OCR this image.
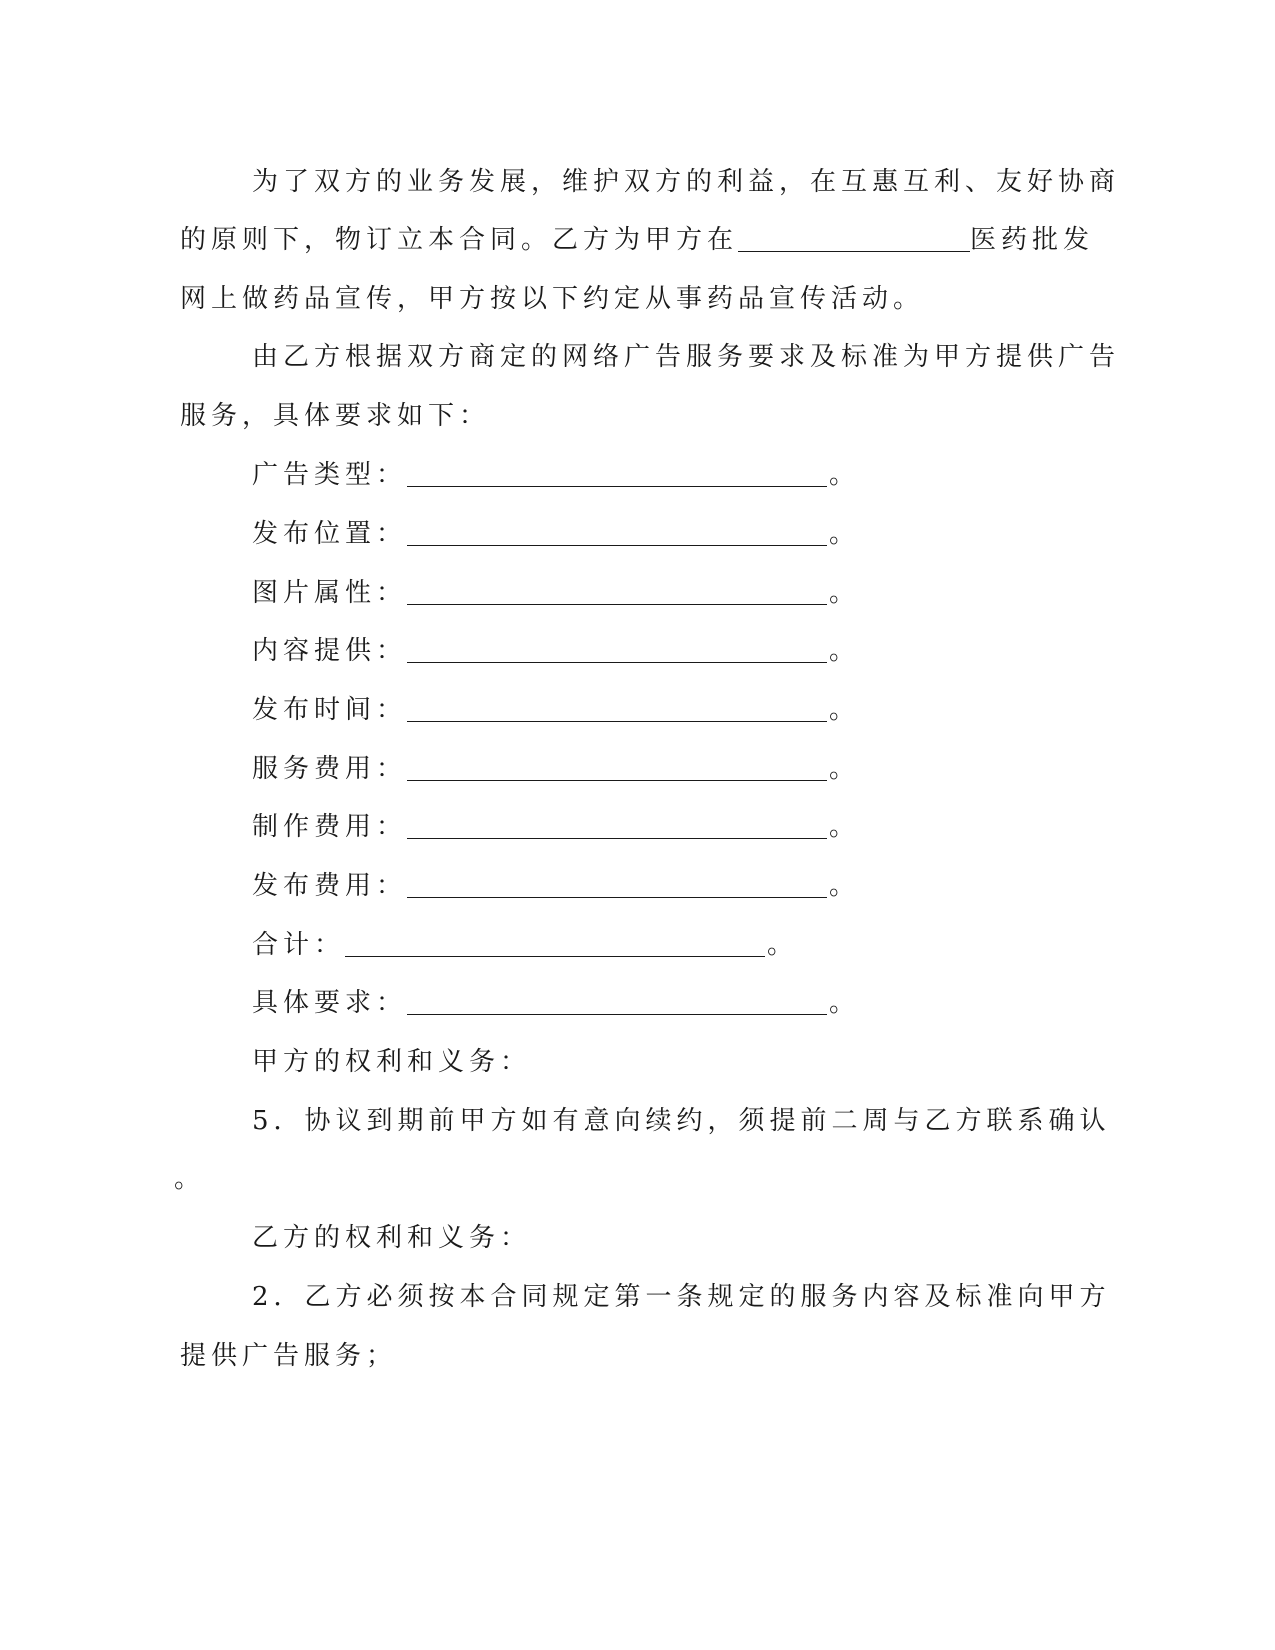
为了双方的业务发展，维护双方的利益，在互惠互利、友好协商
的原则下，物订立本合同。乙方为甲方在	医药批发
网上做药品宣传，甲方按以下约定从事药品宣传活动。
由乙方根据双方商定的网络广告服务要求及标准为甲方提供广告
服务，具体要求如下：
广告类型：	。
发布位置：	。
图片属性：	。
内容提供：	。
发布时间：	。
服务费用：	。
制作费用：	。
发布费用：	。
合计：	。
具体要求：	。
甲方的权利和义务：
5．协议到期前甲方如有意向续约，须提前二周与乙方联系确认
。
乙方的权利和义务：
2．乙方必须按本合同规定第一条规定的服务内容及标准向甲方
提供广告服务；
